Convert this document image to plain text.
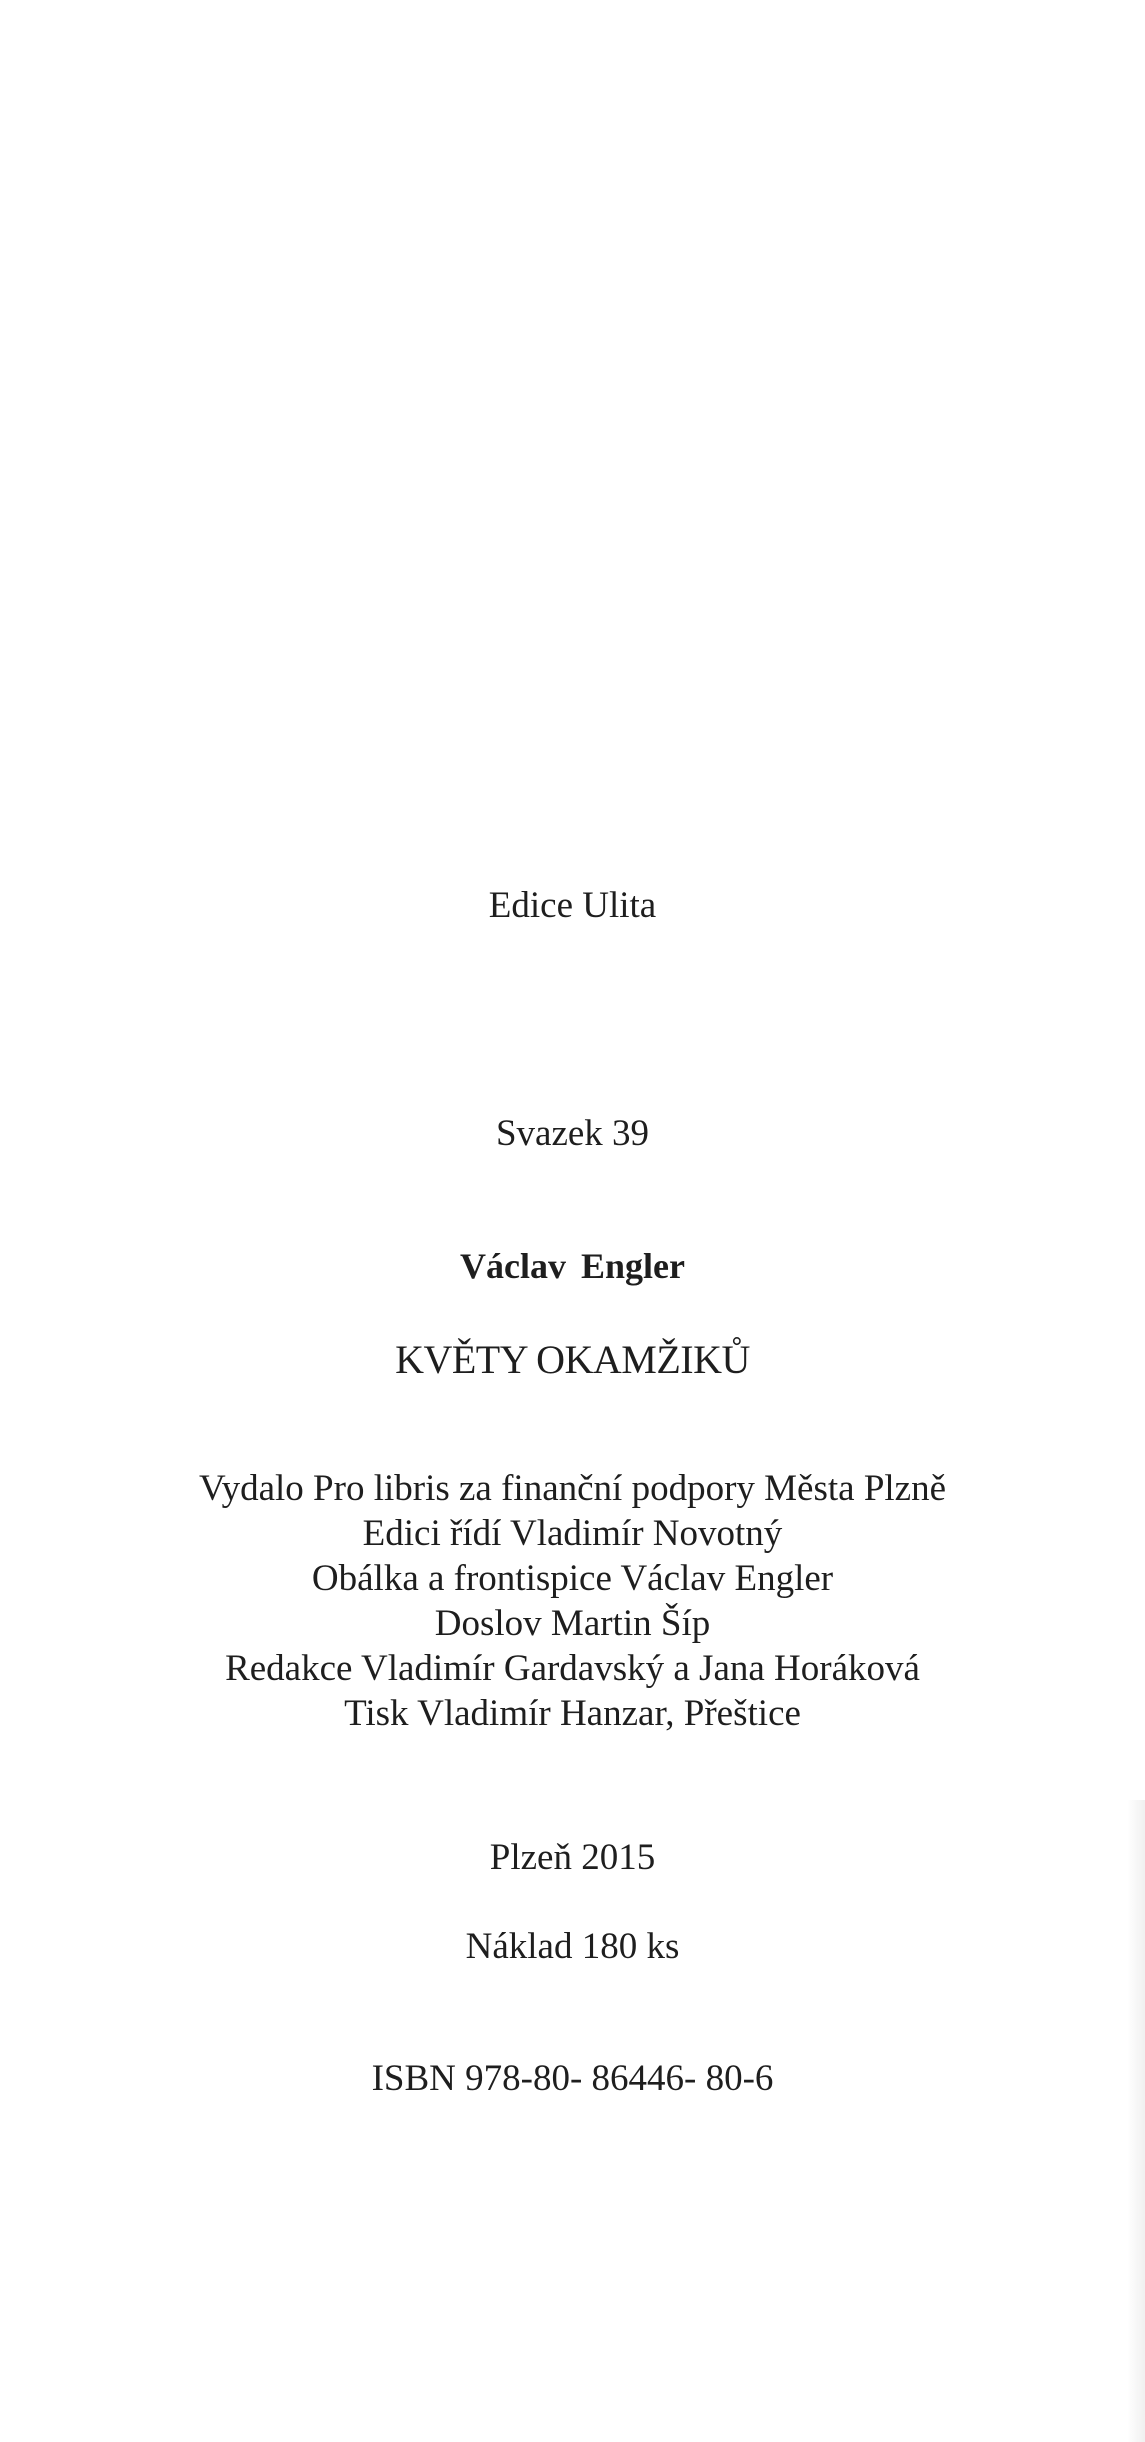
Edice Ulita

Svazek 39

Václav Engler

KVĚTY OKAMŽIKŮ
Vydalo Pro libris za finanční podpory Města Plzně
Edici řídí Vladimír Novotný
Obálka a frontispice Václav Engler
Doslov Martin Šíp
Redakce Vladimír Gardavský a Jana Horáková
Tisk Vladimír Hanzar, Přeštice

Plzeň 2015

Náklad 180 ks

ISBN 978-80- 86446- 80-6
